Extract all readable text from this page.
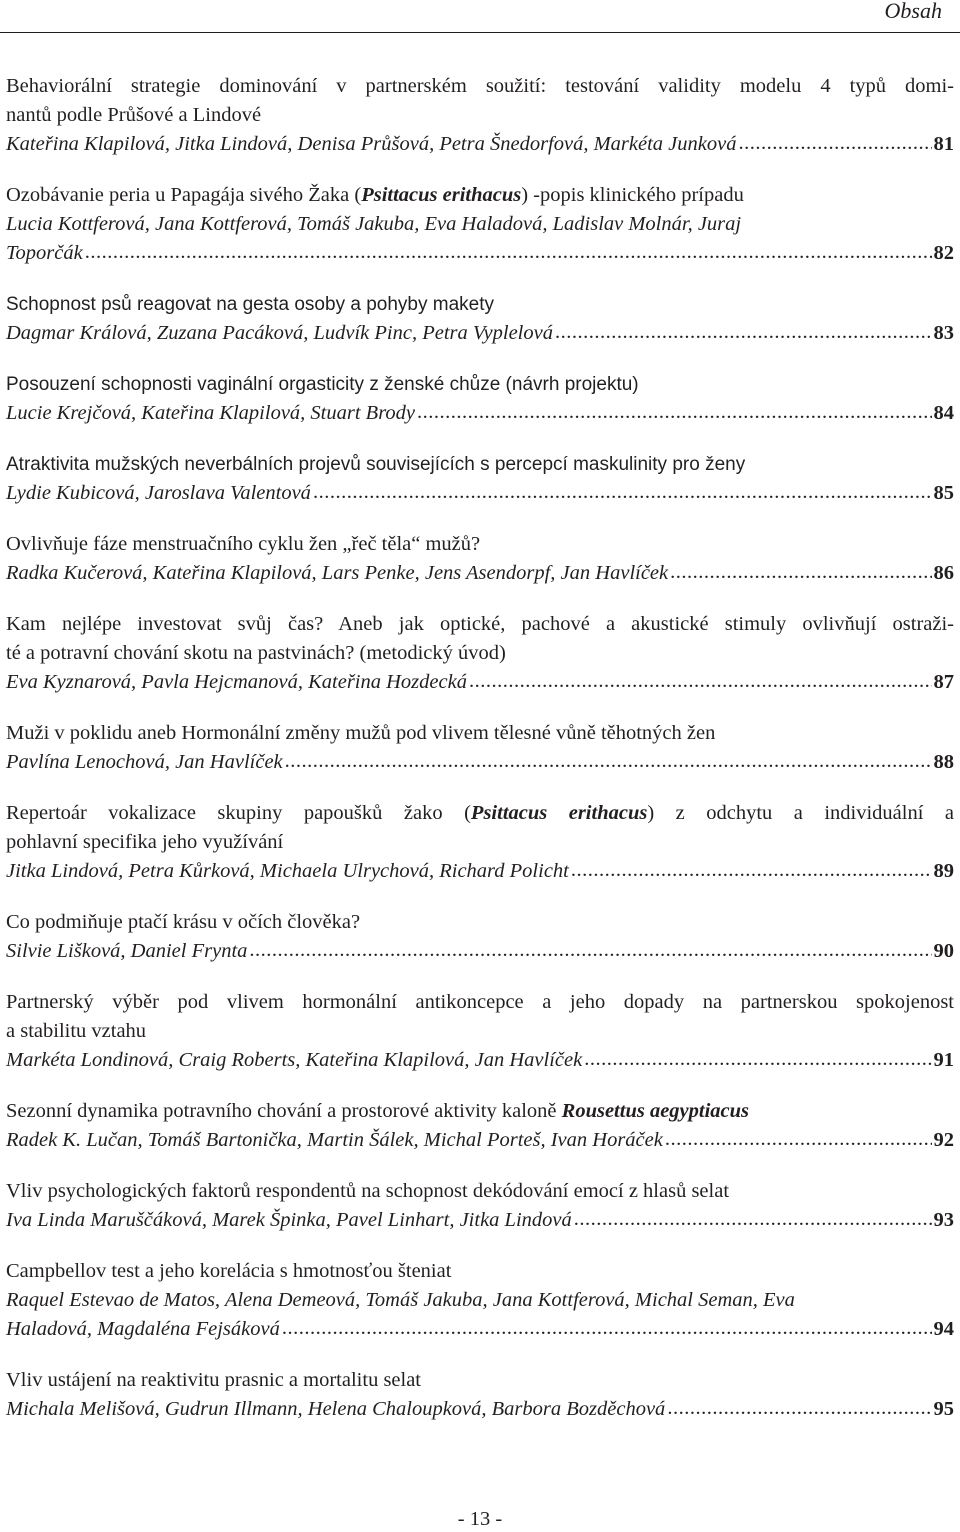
Obsah
Behaviorální strategie dominování v partnerském soužití: testování validity modelu 4 typů domi-
nantů podle Průšové a Lindové
Kateřina Klapilová, Jitka Lindová, Denisa Průšová, Petra Šnedorfová, Markéta Junková .....	81
Ozobávanie peria u Papagája sivého Žaka (Psittacus erithacus) -popis klinického prípadu
Lucia Kottferová, Jana Kottferová, Tomáš Jakuba, Eva Haladová, Ladislav Molnár, Juraj
Toporčák .....	82
Schopnost psů reagovat na gesta osoby a pohyby makety
Dagmar Králová, Zuzana Pacáková, Ludvík Pinc, Petra Vyplelová .....	83
Posouzení schopnosti vaginální orgasticity z ženské chůze (návrh projektu)
Lucie Krejčová, Kateřina Klapilová, Stuart Brody .....	84
Atraktivita mužských neverbálních projevů souvisejících s percepcí maskulinity pro ženy
Lydie Kubicová, Jaroslava Valentová .....	85
Ovlivňuje fáze menstruačního cyklu žen „řeč těla“ mužů?
Radka Kučerová, Kateřina Klapilová, Lars Penke, Jens Asendorpf, Jan Havlíček .....	86
Kam nejlépe investovat svůj čas? Aneb jak optické, pachové a akustické stimuly ovlivňují ostraži-
té a potravní chování skotu na pastvinách? (metodický úvod)
Eva Kyznarová, Pavla Hejcmanová, Kateřina Hozdecká .....	87
Muži v poklidu aneb Hormonální změny mužů pod vlivem tělesné vůně těhotných žen
Pavlína Lenochová, Jan Havlíček .....	88
Repertoár vokalizace skupiny papoušků žako (Psittacus erithacus) z odchytu a individuální a
pohlavní specifika jeho využívání
Jitka Lindová, Petra Kůrková, Michaela Ulrychová, Richard Policht .....	89
Co podmiňuje ptačí krásu v očích člověka?
Silvie Lišková, Daniel Frynta .....	90
Partnerský výběr pod vlivem hormonální antikoncepce a jeho dopady na partnerskou spokojenost
a stabilitu vztahu
Markéta Londinová, Craig Roberts, Kateřina Klapilová, Jan Havlíček .....	91
Sezonní dynamika potravního chování a prostorové aktivity kaloně Rousettus aegyptiacus
Radek K. Lučan, Tomáš Bartonička, Martin Šálek, Michal Porteš, Ivan Horáček .....	92
Vliv psychologických faktorů respondentů na schopnost dekódování emocí z hlasů selat
Iva Linda Maruščáková, Marek Špinka, Pavel Linhart, Jitka Lindová .....	93
Campbellov test a jeho korelácia s hmotnosťou šteniat
Raquel Estevao de Matos, Alena Demeová, Tomáš Jakuba, Jana Kottferová, Michal Seman, Eva
Haladová, Magdaléna Fejsáková .....	94
Vliv ustájení na reaktivitu prasnic a mortalitu selat
Michala Melišová, Gudrun Illmann, Helena Chaloupková, Barbora Bozděchová .....	95
- 13 -
